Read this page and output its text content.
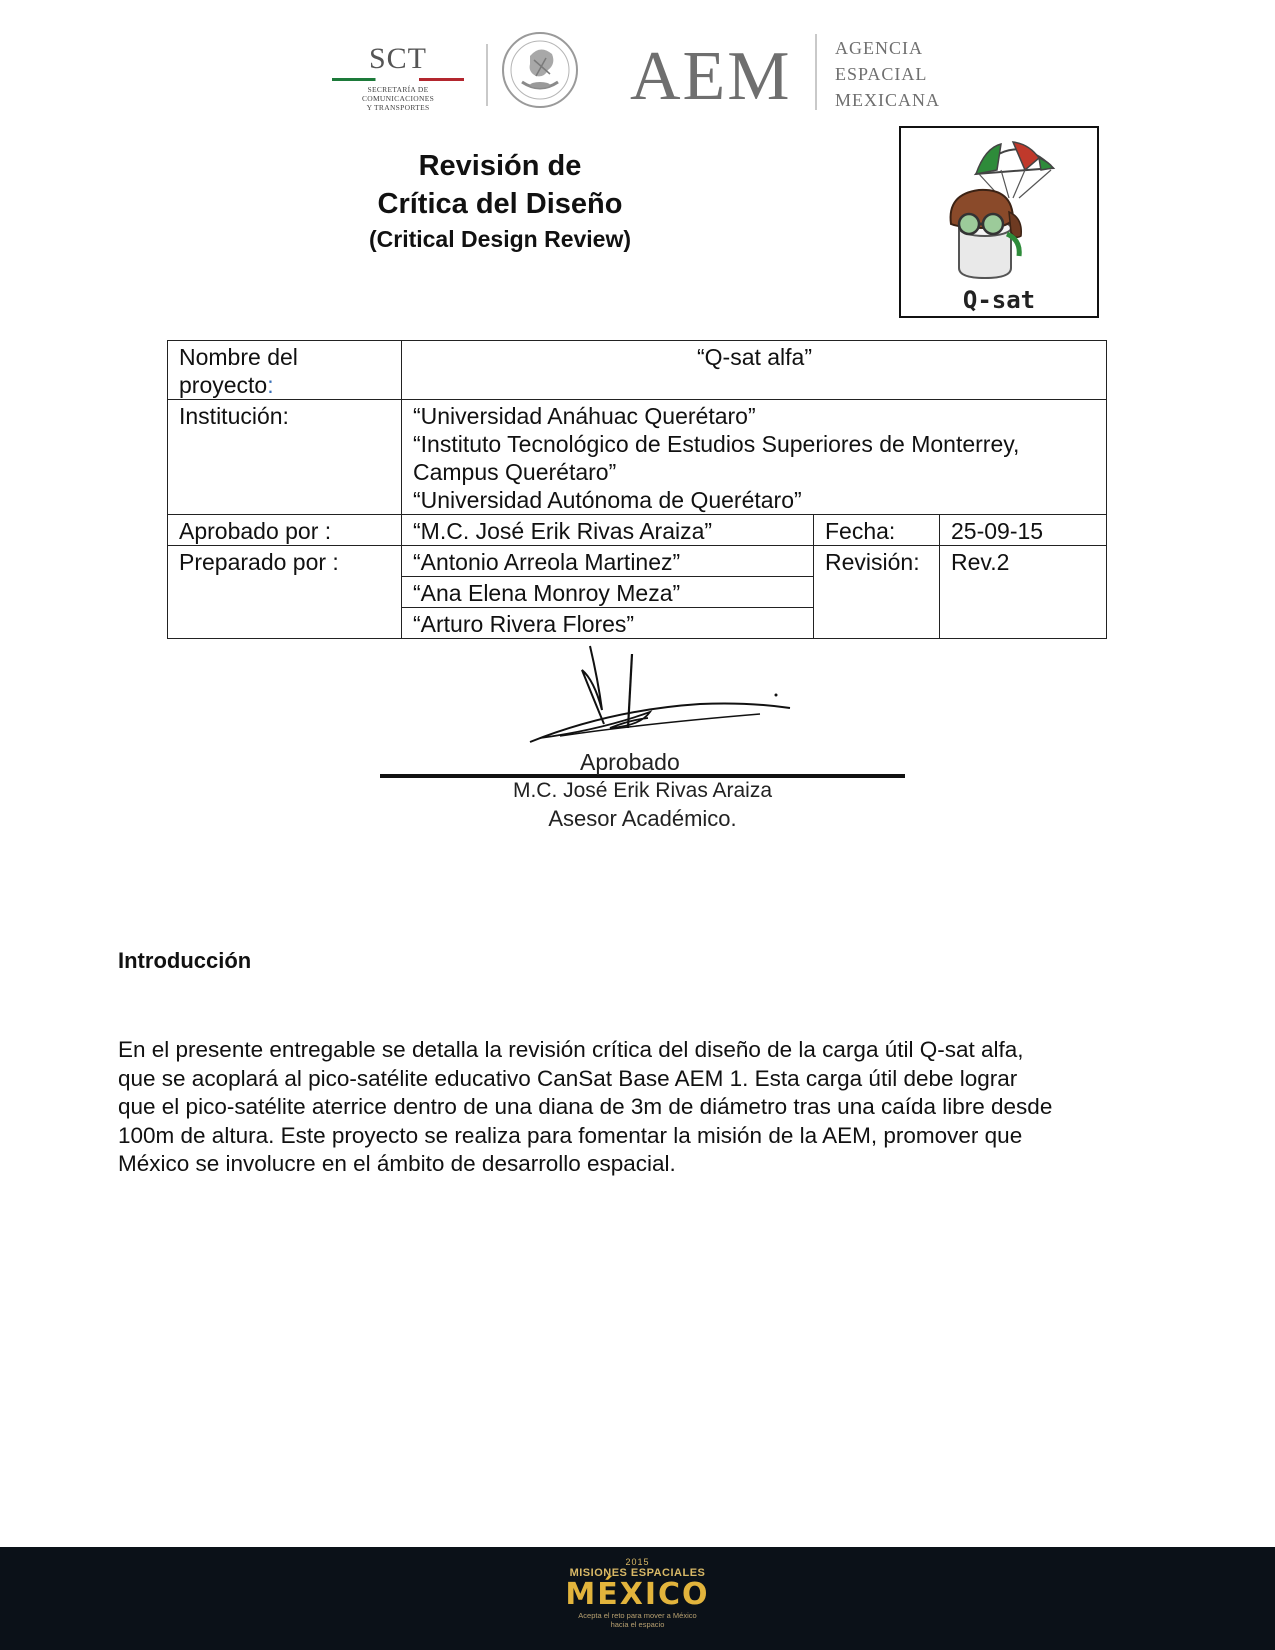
SCT
SECRETARÍA DE
COMUNICACIONES
Y TRANSPORTES	AEM AGENCIA
ESPACIAL
MEXICANA
Revisión de
Crítica del Diseño
(Critical Design Review)
Q-sat
Nombre del
proyecto:	“Q-sat alfa”		
Institución:	“Universidad Anáhuac Querétaro”
“Instituto Tecnológico de Estudios Superiores de Monterrey,
Campus Querétaro”
“Universidad Autónoma de Querétaro”		

Aprobado por :	“M.C. José Erik Rivas Araiza”	Fecha:	25-09-15
Preparado por :	“Antonio Arreola Martinez”	Revisión:	Rev.2
	“Ana Elena Monroy Meza”		
	“Arturo Rivera Flores”		
Aprobado
M.C. José Erik Rivas Araiza
Asesor Académico.
Introducción
En el presente entregable se detalla la revisión crítica del diseño de la carga útil Q-sat alfa,
que se acoplará al pico-satélite educativo CanSat Base AEM 1. Esta carga útil debe lograr
que el pico-satélite aterrice dentro de una diana de 3m de diámetro tras una caída libre desde
100m de altura. Este proyecto se realiza para fomentar la misión de la AEM, promover que
México se involucre en el ámbito de desarrollo espacial.
2015
MISIONES ESPACIALES
MÉXICO
Acepta el reto para mover a México
hacia el espacio
